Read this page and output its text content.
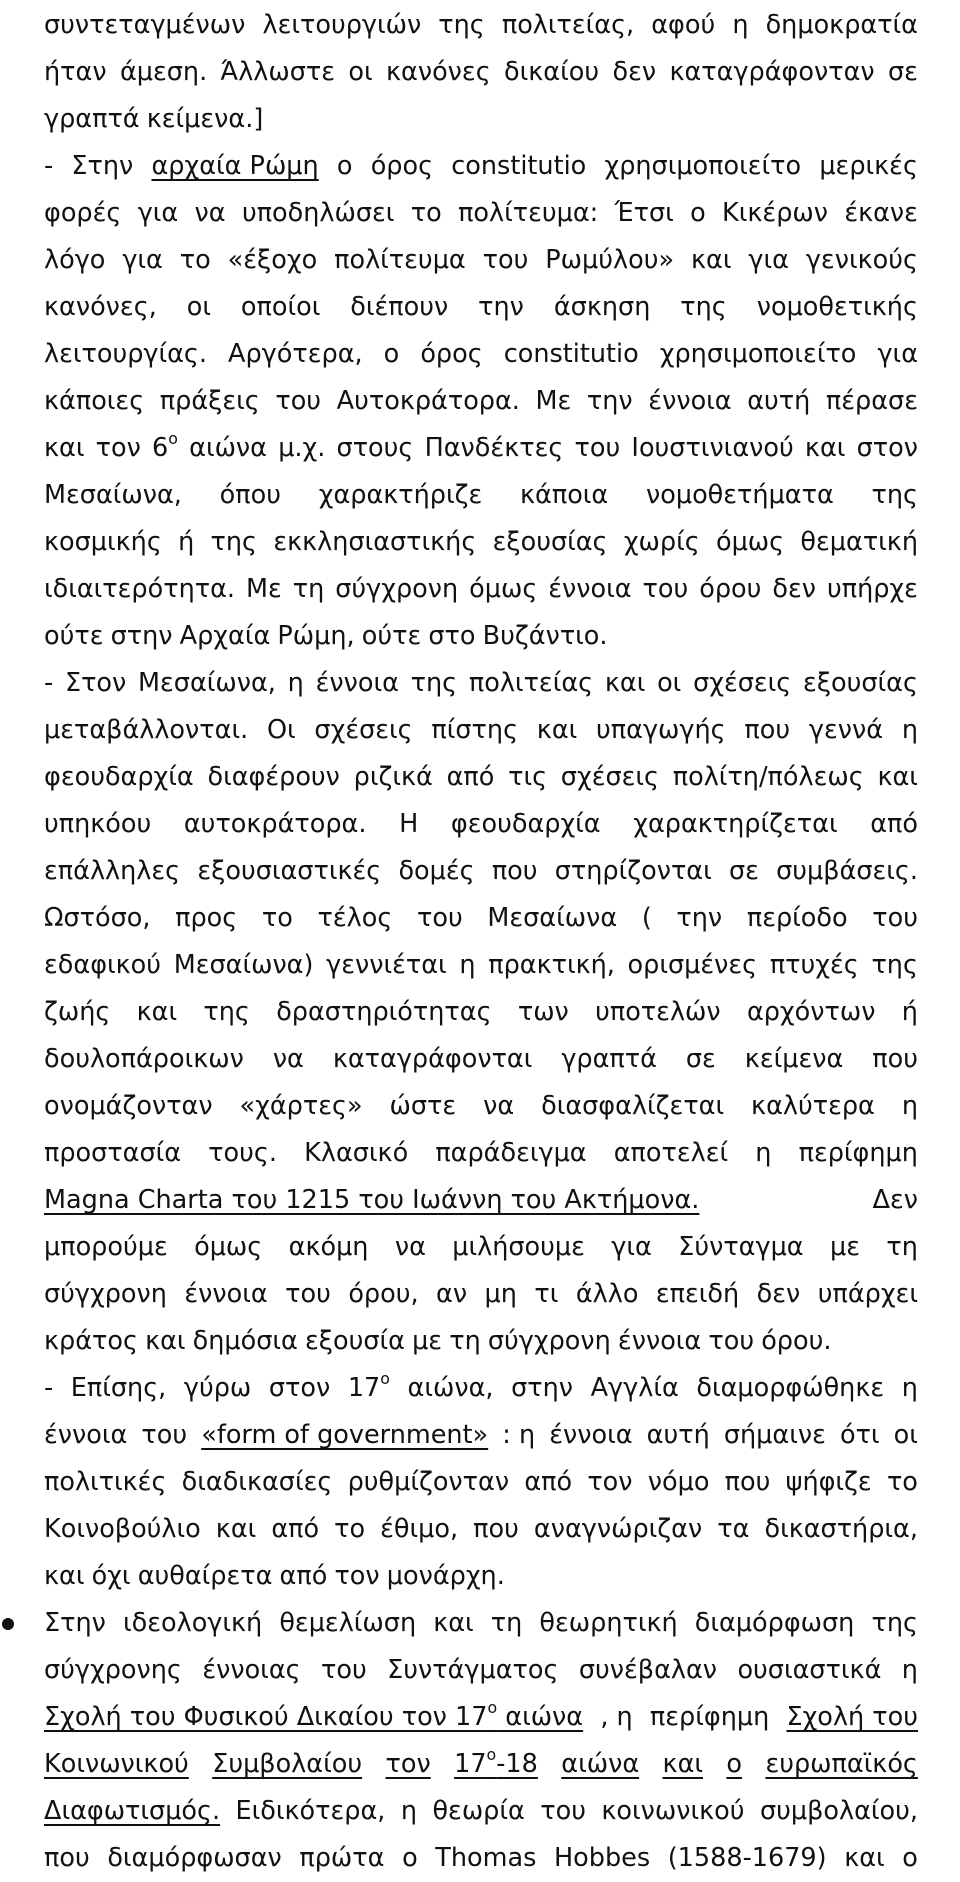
συντεταγμένων λειτουργιών της πολιτείας, αφού η δημοκρατία
ήταν άμεση. Άλλωστε οι κανόνες δικαίου δεν καταγράφονταν σε
γραπτά κείμενα.]
- Στην αρχαία Ρώμη ο όρος constitutio χρησιμοποιείτο μερικές
φορές για να υποδηλώσει το πολίτευμα: Έτσι ο Κικέρων έκανε
λόγο για το «έξοχο πολίτευμα του Ρωμύλου» και για γενικούς
κανόνες, οι οποίοι διέπουν την άσκηση της νομοθετικής
λειτουργίας. Αργότερα, ο όρος constitutio χρησιμοποιείτο για
κάποιες πράξεις του Αυτοκράτορα. Με την έννοια αυτή πέρασε
και τον $6^o$ αιώνα μ.χ. στους Πανδέκτες του Ιουστινιανού και στον
Μεσαίωνα, όπου χαρακτήριζε κάποια νομοθετήματα της
κοσμικής ή της εκκλησιαστικής εξουσίας χωρίς όμως θεματική
ιδιαιτερότητα. Με τη σύγχρονη όμως έννοια του όρου δεν υπήρχε
ούτε στην Αρχαία Ρώμη, ούτε στο Βυζάντιο.
- Στον Μεσαίωνα, η έννοια της πολιτείας και οι σχέσεις εξουσίας
μεταβάλλονται. Οι σχέσεις πίστης και υπαγωγής που γεννά η
φεουδαρχία διαφέρουν ριζικά από τις σχέσεις πολίτη/πόλεως και
υπηκόου αυτοκράτορα. Η φεουδαρχία χαρακτηρίζεται από
επάλληλες εξουσιαστικές δομές που στηρίζονται σε συμβάσεις.
Ωστόσο, προς το τέλος του Μεσαίωνα ( την περίοδο του
εδαφικού Μεσαίωνα) γεννιέται η πρακτική, ορισμένες πτυχές της
ζωής και της δραστηριότητας των υποτελών αρχόντων ή
δουλοπάροικων να καταγράφονται γραπτά σε κείμενα που
ονομάζονταν «χάρτες» ώστε να διασφαλίζεται καλύτερα η
προστασία τους. Κλασικό παράδειγμα αποτελεί η περίφημη
Magna Charta του 1215 του Ιωάννη του Ακτήμονα.	Δεν
μπορούμε όμως ακόμη να μιλήσουμε για Σύνταγμα με τη
σύγχρονη έννοια του όρου, αν μη τι άλλο επειδή δεν υπάρχει
κράτος και δημόσια εξουσία με τη σύγχρονη έννοια του όρου.
- Επίσης, γύρω στον $17^o$ αιώνα, στην Αγγλία διαμορφώθηκε η
έννοια του «form of government» : η έννοια αυτή σήμαινε ότι οι
πολιτικές διαδικασίες ρυθμίζονταν από τον νόμο που ψήφιζε το
Κοινοβούλιο και από το έθιμο, που αναγνώριζαν τα δικαστήρια,
και όχι αυθαίρετα από τον μονάρχη.
Στην ιδεολογική θεμελίωση και τη θεωρητική διαμόρφωση της
σύγχρονης έννοιας του Συντάγματος συνέβαλαν ουσιαστικά η
Σχολή του Φυσικού Δικαίου τον $17^o$ αιώνα , η περίφημη Σχολή του
Κοινωνικού Συμβολαίου τον $17^o-18$ αιώνα και ο ευρωπαϊκός
Διαφωτισμός. Ειδικότερα, η θεωρία του κοινωνικού συμβολαίου,
που διαμόρφωσαν πρώτα ο Thomas Hobbes (1588-1679) και ο
